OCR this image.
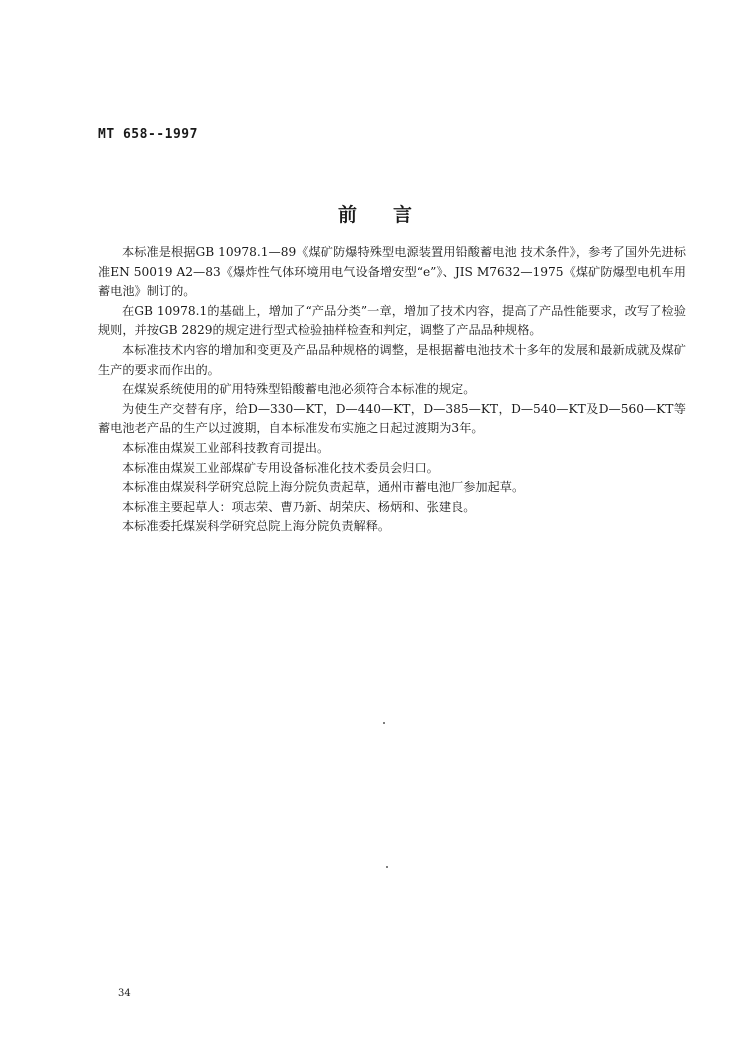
MT 658--1997
前言

本标准是根据GB 10978.1—89《煤矿防爆特殊型电源装置用铅酸蓄电池 技术条件》，参考了国外先进标准EN 50019 A2—83《爆炸性气体环境用电气设备增安型“e”》、JIS M7632—1975《煤矿防爆型电机车用蓄电池》制订的。

在GB 10978.1的基础上，增加了“产品分类”一章，增加了技术内容，提高了产品性能要求，改写了检验规则，并按GB 2829的规定进行型式检验抽样检查和判定，调整了产品品种规格。

本标准技术内容的增加和变更及产品品种规格的调整，是根据蓄电池技术十多年的发展和最新成就及煤矿生产的要求而作出的。

在煤炭系统使用的矿用特殊型铅酸蓄电池必须符合本标准的规定。

为使生产交替有序，给D—330—KT，D—440—KT，D—385—KT，D—540—KT及D—560—KT等蓄电池老产品的生产以过渡期，自本标准发布实施之日起过渡期为3年。

本标准由煤炭工业部科技教育司提出。

本标准由煤炭工业部煤矿专用设备标准化技术委员会归口。

本标准由煤炭科学研究总院上海分院负责起草，通州市蓄电池厂参加起草。

本标准主要起草人：项志荣、曹乃新、胡荣庆、杨炳和、张建良。

本标准委托煤炭科学研究总院上海分院负责解释。

34
